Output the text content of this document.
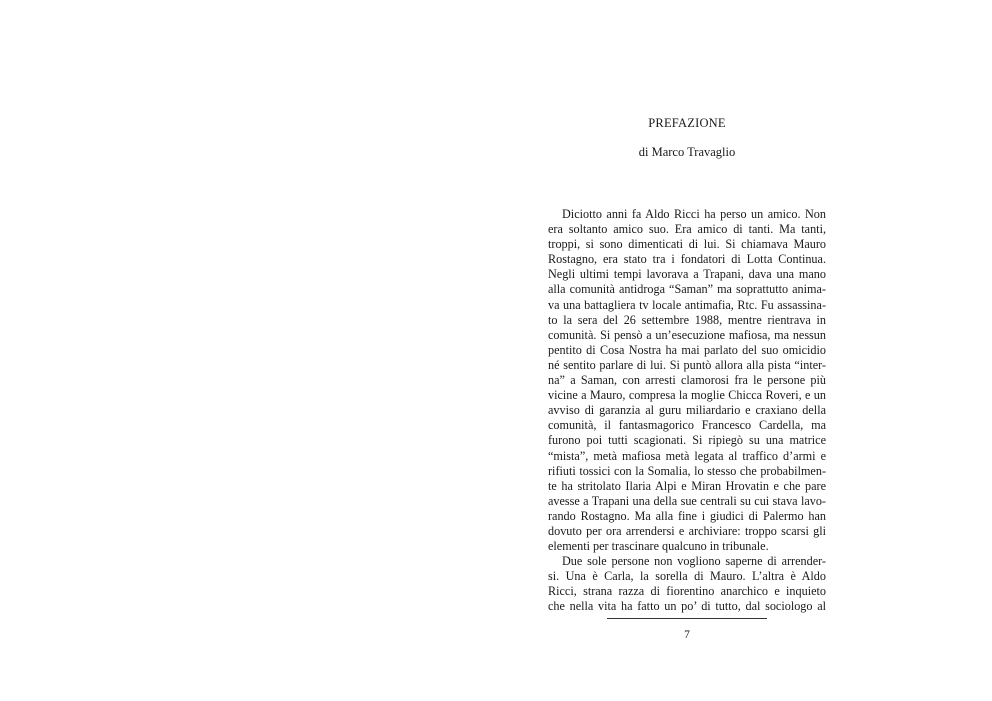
PREFAZIONE
di Marco Travaglio
Diciotto anni fa Aldo Ricci ha perso un amico. Non
era soltanto amico suo. Era amico di tanti. Ma tanti,
troppi, si sono dimenticati di lui. Si chiamava Mauro
Rostagno, era stato tra i fondatori di Lotta Continua.
Negli ultimi tempi lavorava a Trapani, dava una mano
alla comunità antidroga “Saman” ma soprattutto anima-
va una battagliera tv locale antimafia, Rtc. Fu assassina-
to la sera del 26 settembre 1988, mentre rientrava in
comunità. Si pensò a un’esecuzione mafiosa, ma nessun
pentito di Cosa Nostra ha mai parlato del suo omicidio
né sentito parlare di lui. Si puntò allora alla pista “inter-
na” a Saman, con arresti clamorosi fra le persone più
vicine a Mauro, compresa la moglie Chicca Roveri, e un
avviso di garanzia al guru miliardario e craxiano della
comunità, il fantasmagorico Francesco Cardella, ma
furono poi tutti scagionati. Si ripiegò su una matrice
“mista”, metà mafiosa metà legata al traffico d’armi e
rifiuti tossici con la Somalia, lo stesso che probabilmen-
te ha stritolato Ilaria Alpi e Miran Hrovatin e che pare
avesse a Trapani una della sue centrali su cui stava lavo-
rando Rostagno. Ma alla fine i giudici di Palermo han
dovuto per ora arrendersi e archiviare: troppo scarsi gli
elementi per trascinare qualcuno in tribunale.
Due sole persone non vogliono saperne di arrender-
si. Una è Carla, la sorella di Mauro. L’altra è Aldo
Ricci, strana razza di fiorentino anarchico e inquieto
che nella vita ha fatto un po’ di tutto, dal sociologo al
7
